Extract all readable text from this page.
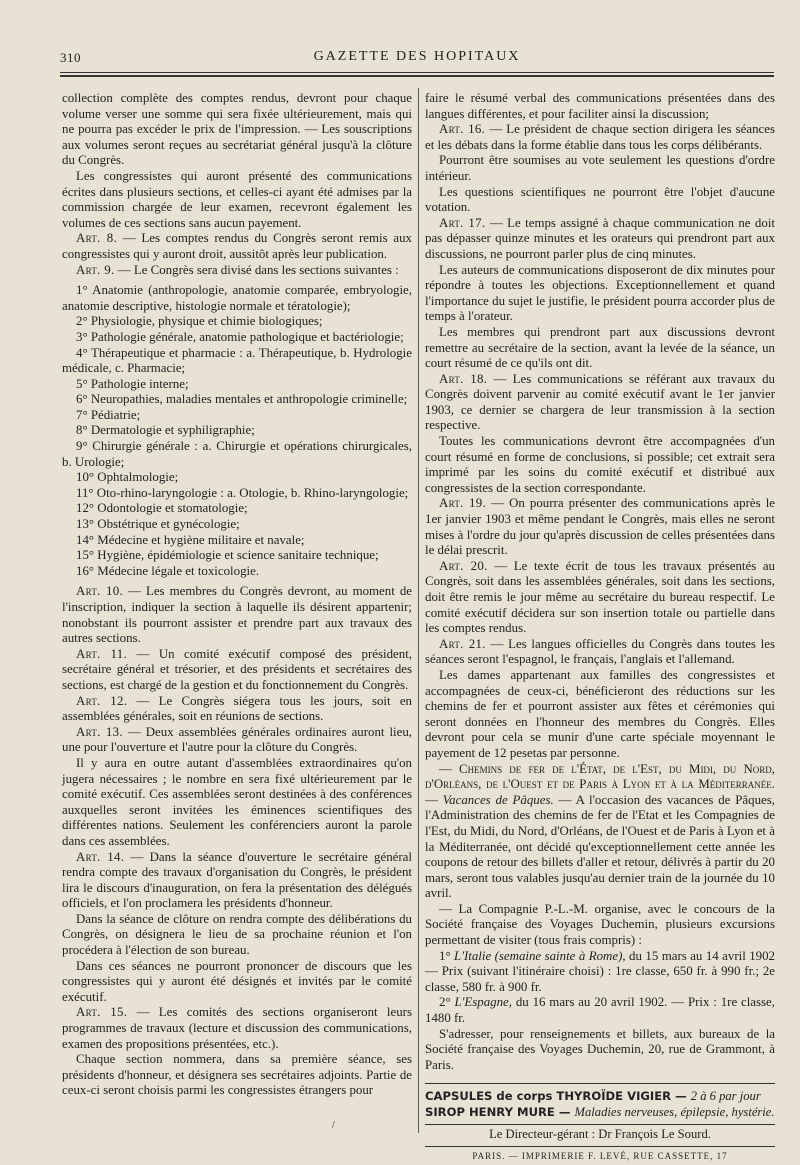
310	GAZETTE DES HOPITAUX

collection complète des comptes rendus, devront pour chaque volume verser une somme qui sera fixée ultérieurement, mais qui ne pourra pas excéder le prix de l'impression. — Les souscriptions aux volumes seront reçues au secrétariat général jusqu'à la clôture du Congrès.

Les congressistes qui auront présenté des communications écrites dans plusieurs sections, et celles-ci ayant été admises par la commission chargée de leur examen, recevront également les volumes de ces sections sans aucun payement.

Art. 8. — Les comptes rendus du Congrès seront remis aux congressistes qui y auront droit, aussitôt après leur publication.

Art. 9. — Le Congrès sera divisé dans les sections suivantes :

1° Anatomie (anthropologie, anatomie comparée, embryologie, anatomie descriptive, histologie normale et tératologie);

2° Physiologie, physique et chimie biologiques;

3° Pathologie générale, anatomie pathologique et bactériologie;

4° Thérapeutique et pharmacie : a. Thérapeutique, b. Hydrologie médicale, c. Pharmacie;

5° Pathologie interne;

6° Neuropathies, maladies mentales et anthropologie criminelle;

7° Pédiatrie;

8° Dermatologie et syphiligraphie;

9° Chirurgie générale : a. Chirurgie et opérations chirurgicales, b. Urologie;

10° Ophtalmologie;

11° Oto-rhino-laryngologie : a. Otologie, b. Rhino-laryngologie;

12° Odontologie et stomatologie;

13° Obstétrique et gynécologie;

14° Médecine et hygiène militaire et navale;

15° Hygiène, épidémiologie et science sanitaire technique;

16° Médecine légale et toxicologie.

Art. 10. — Les membres du Congrès devront, au moment de l'inscription, indiquer la section à laquelle ils désirent appartenir; nonobstant ils pourront assister et prendre part aux travaux des autres sections.

Art. 11. — Un comité exécutif composé des président, secrétaire général et trésorier, et des présidents et secrétaires des sections, est chargé de la gestion et du fonctionnement du Congrès.

Art. 12. — Le Congrès siégera tous les jours, soit en assemblées générales, soit en réunions de sections.

Art. 13. — Deux assemblées générales ordinaires auront lieu, une pour l'ouverture et l'autre pour la clôture du Congrès.

Il y aura en outre autant d'assemblées extraordinaires qu'on jugera nécessaires ; le nombre en sera fixé ultérieurement par le comité exécutif. Ces assemblées seront destinées à des conférences auxquelles seront invitées les éminences scientifiques des différentes nations. Seulement les conférenciers auront la parole dans ces assemblées.

Art. 14. — Dans la séance d'ouverture le secrétaire général rendra compte des travaux d'organisation du Congrès, le président lira le discours d'inauguration, on fera la présentation des délégués officiels, et l'on proclamera les présidents d'honneur.

Dans la séance de clôture on rendra compte des délibérations du Congrès, on désignera le lieu de sa prochaine réunion et l'on procédera à l'élection de son bureau.

Dans ces séances ne pourront prononcer de discours que les congressistes qui y auront été désignés et invités par le comité exécutif.

Art. 15. — Les comités des sections organiseront leurs programmes de travaux (lecture et discussion des communications, examen des propositions présentées, etc.).

Chaque section nommera, dans sa première séance, ses présidents d'honneur, et désignera ses secrétaires adjoints. Partie de ceux-ci seront choisis parmi les congressistes étrangers pour

faire le résumé verbal des communications présentées dans des langues différentes, et pour faciliter ainsi la discussion;

Art. 16. — Le président de chaque section dirigera les séances et les débats dans la forme établie dans tous les corps délibérants.

Pourront être soumises au vote seulement les questions d'ordre intérieur.

Les questions scientifiques ne pourront être l'objet d'aucune votation.

Art. 17. — Le temps assigné à chaque communication ne doit pas dépasser quinze minutes et les orateurs qui prendront part aux discussions, ne pourront parler plus de cinq minutes.

Les auteurs de communications disposeront de dix minutes pour répondre à toutes les objections. Exceptionnellement et quand l'importance du sujet le justifie, le président pourra accorder plus de temps à l'orateur.

Les membres qui prendront part aux discussions devront remettre au secrétaire de la section, avant la levée de la séance, un court résumé de ce qu'ils ont dit.

Art. 18. — Les communications se référant aux travaux du Congrès doivent parvenir au comité exécutif avant le 1er janvier 1903, ce dernier se chargera de leur transmission à la section respective.

Toutes les communications devront être accompagnées d'un court résumé en forme de conclusions, si possible; cet extrait sera imprimé par les soins du comité exécutif et distribué aux congressistes de la section correspondante.

Art. 19. — On pourra présenter des communications après le 1er janvier 1903 et même pendant le Congrès, mais elles ne seront mises à l'ordre du jour qu'après discussion de celles présentées dans le délai prescrit.

Art. 20. — Le texte écrit de tous les travaux présentés au Congrès, soit dans les assemblées générales, soit dans les sections, doit être remis le jour même au secrétaire du bureau respectif. Le comité exécutif décidera sur son insertion totale ou partielle dans les comptes rendus.

Art. 21. — Les langues officielles du Congrès dans toutes les séances seront l'espagnol, le français, l'anglais et l'allemand.

Les dames appartenant aux familles des congressistes et accompagnées de ceux-ci, bénéficieront des réductions sur les chemins de fer et pourront assister aux fêtes et cérémonies qui seront données en l'honneur des membres du Congrès. Elles devront pour cela se munir d'une carte spéciale moyennant le payement de 12 pesetas par personne.

— Chemins de fer de l'État, de l'Est, du Midi, du Nord, d'Orléans, de l'Ouest et de Paris à Lyon et à la Méditerranée. — Vacances de Pâques. — A l'occasion des vacances de Pâques, l'Administration des chemins de fer de l'Etat et les Compagnies de l'Est, du Midi, du Nord, d'Orléans, de l'Ouest et de Paris à Lyon et à la Méditerranée, ont décidé qu'exceptionnellement cette année les coupons de retour des billets d'aller et retour, délivrés à partir du 20 mars, seront tous valables jusqu'au dernier train de la journée du 10 avril.

— La Compagnie P.-L.-M. organise, avec le concours de la Société française des Voyages Duchemin, plusieurs excursions permettant de visiter (tous frais compris) :

1° L'Italie (semaine sainte à Rome), du 15 mars au 14 avril 1902 — Prix (suivant l'itinéraire choisi) : 1re classe, 650 fr. à 990 fr.; 2e classe, 580 fr. à 900 fr.

2° L'Espagne, du 16 mars au 20 avril 1902. — Prix : 1re classe, 1480 fr.

S'adresser, pour renseignements et billets, aux bureaux de la Société française des Voyages Duchemin, 20, rue de Grammont, à Paris.

CAPSULES de corps THYROÏDE VIGIER — 2 à 6 par jour
SIROP HENRY MURE — Maladies nerveuses, épilepsie, hystérie.
Le Directeur-gérant : Dr François Le Sourd.
PARIS. — IMPRIMERIE F. LEVÉ, RUE CASSETTE, 17
/
